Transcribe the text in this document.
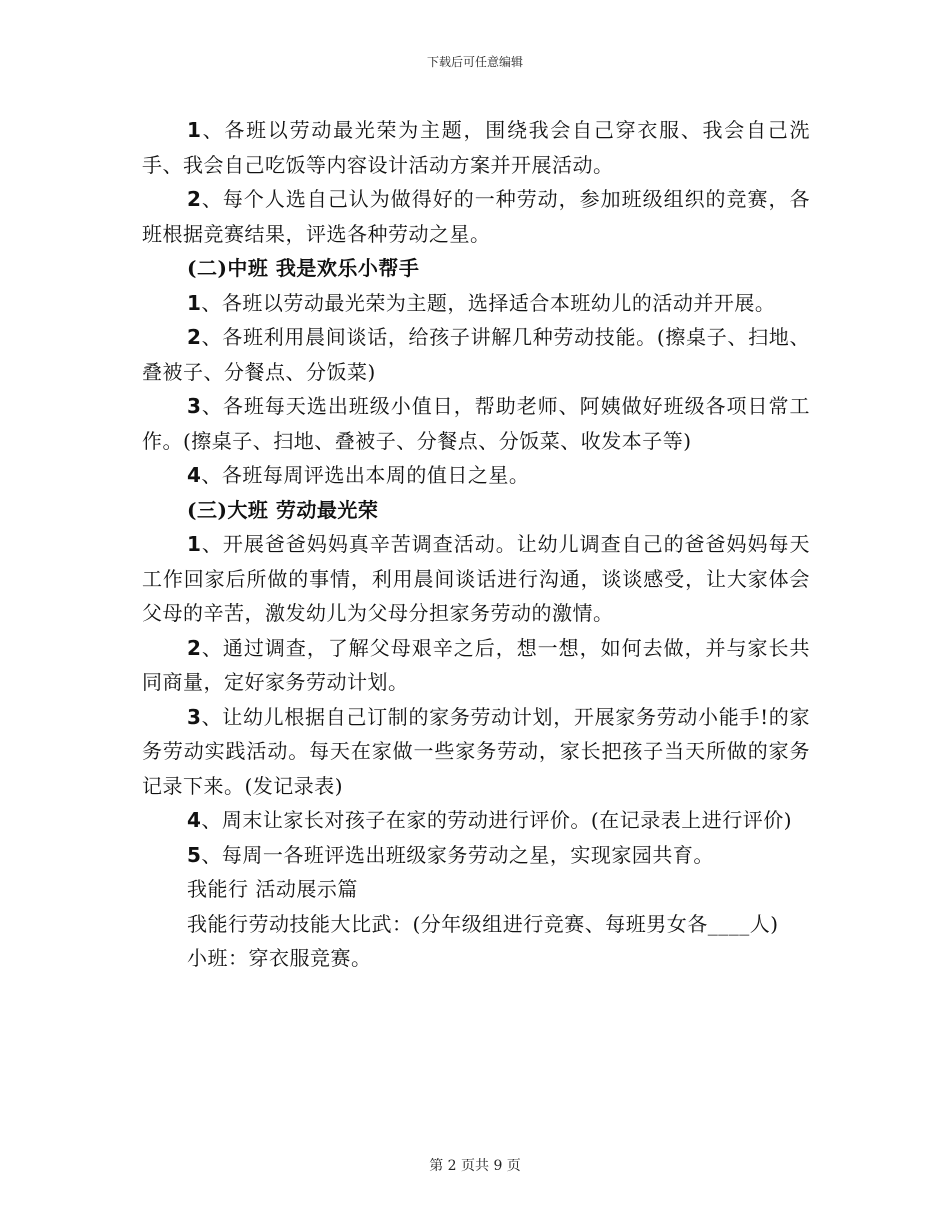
下载后可任意编辑

1、各班以劳动最光荣为主题，围绕我会自己穿衣服、我会自己洗手、我会自己吃饭等内容设计活动方案并开展活动。

2、每个人选自己认为做得好的一种劳动，参加班级组织的竞赛，各班根据竞赛结果，评选各种劳动之星。

(二)中班 我是欢乐小帮手

1、各班以劳动最光荣为主题，选择适合本班幼儿的活动并开展。

2、各班利用晨间谈话，给孩子讲解几种劳动技能。(擦桌子、扫地、叠被子、分餐点、分饭菜)

3、各班每天选出班级小值日，帮助老师、阿姨做好班级各项日常工作。(擦桌子、扫地、叠被子、分餐点、分饭菜、收发本子等)

4、各班每周评选出本周的值日之星。

(三)大班 劳动最光荣

1、开展爸爸妈妈真辛苦调查活动。让幼儿调查自己的爸爸妈妈每天工作回家后所做的事情，利用晨间谈话进行沟通，谈谈感受，让大家体会父母的辛苦，激发幼儿为父母分担家务劳动的激情。

2、通过调查，了解父母艰辛之后，想一想，如何去做，并与家长共同商量，定好家务劳动计划。

3、让幼儿根据自己订制的家务劳动计划，开展家务劳动小能手!的家务劳动实践活动。每天在家做一些家务劳动，家长把孩子当天所做的家务记录下来。(发记录表)

4、周末让家长对孩子在家的劳动进行评价。(在记录表上进行评价)

5、每周一各班评选出班级家务劳动之星，实现家园共育。

我能行 活动展示篇

我能行劳动技能大比武：(分年级组进行竞赛、每班男女各____人)

小班：穿衣服竞赛。

第 2 页共 9 页
